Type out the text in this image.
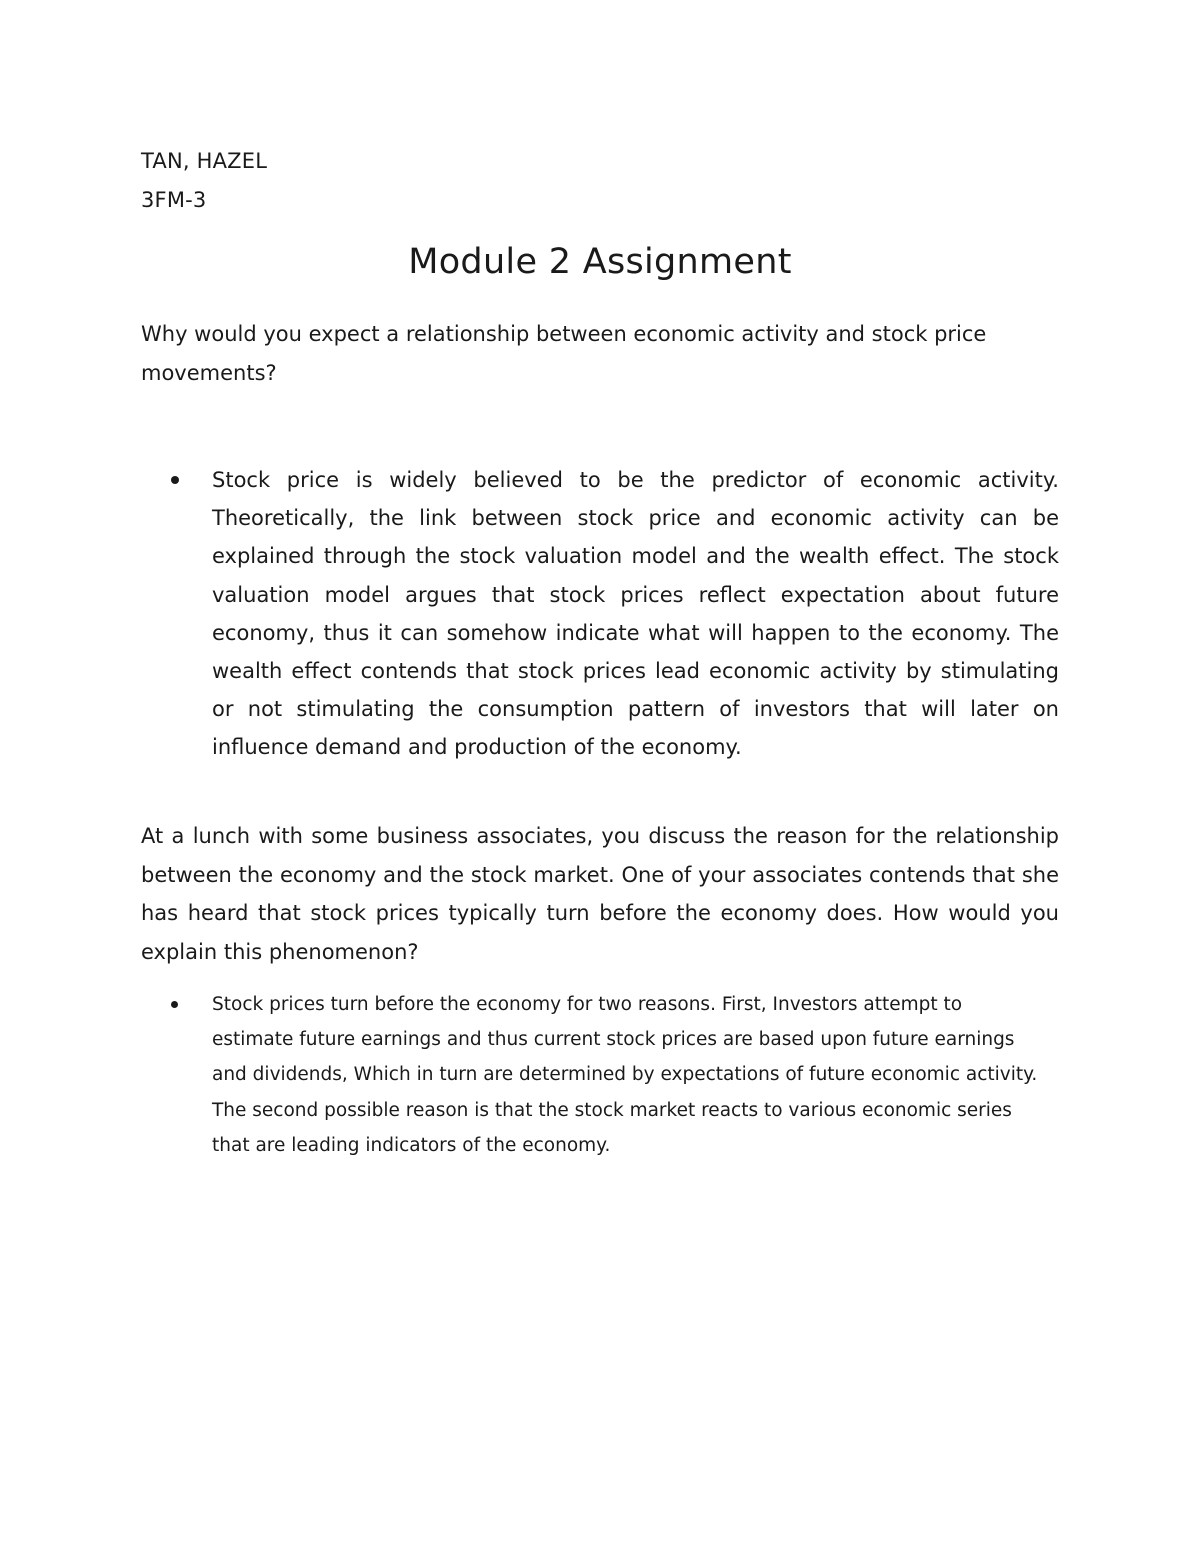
TAN, HAZEL
3FM-3
Module 2 Assignment

Why would you expect a relationship between economic activity and stock price movements?

Stock price is widely believed to be the predictor of economic activity. Theoretically, the link between stock price and economic activity can be explained through the stock valuation model and the wealth effect. The stock valuation model argues that stock prices reflect expectation about future economy, thus it can somehow indicate what will happen to the economy. The wealth effect contends that stock prices lead economic activity by stimulating or not stimulating the consumption pattern of investors that will later on influence demand and production of the economy.

At a lunch with some business associates, you discuss the reason for the relationship between the economy and the stock market. One of your associates contends that she has heard that stock prices typically turn before the economy does. How would you explain this phenomenon?

Stock prices turn before the economy for two reasons. First, Investors attempt to estimate future earnings and thus current stock prices are based upon future earnings and dividends, Which in turn are determined by expectations of future economic activity. The second possible reason is that the stock market reacts to various economic series that are leading indicators of the economy.
